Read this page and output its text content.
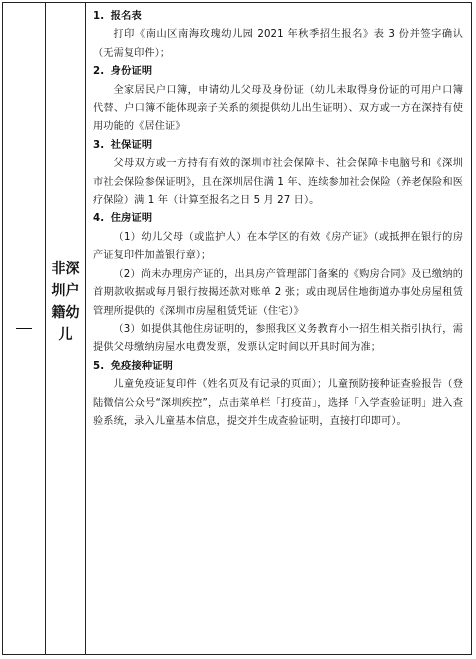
非深圳户籍幼儿
1. 报名表
打印《南山区南海玫瑰幼儿园 2021 年秋季招生报名》表 3 份并签字确认（无需复印件）；
2. 身份证明
全家居民户口簿，申请幼儿父母及身份证（幼儿未取得身份证的可用户口簿代替、户口簿不能体现亲子关系的须提供幼儿出生证明）、双方或一方在深持有使用功能的《居住证》
3. 社保证明
父母双方或一方持有有效的深圳市社会保障卡、社会保障卡电脑号和《深圳市社会保险参保证明》，且在深圳居住满 1 年、连续参加社会保险（养老保险和医疗保险）满 1 年（计算至报名之日 5 月 27 日）。
4. 住房证明
（1）幼儿父母（或监护人）在本学区的有效《房产证》（或抵押在银行的房产证复印件加盖银行章）；
（2）尚未办理房产证的，出具房产管理部门备案的《购房合同》及已缴纳的首期款收据或每月银行按揭还款对账单 2 张；或由现居住地街道办事处房屋租赁管理所提供的《深圳市房屋租赁凭证（住宅）》
（3）如提供其他住房证明的，参照我区义务教育小一招生相关指引执行，需提供父母缴纳房屋水电费发票，发票认定时间以开具时间为准；
5. 免疫接种证明
儿童免疫证复印件（姓名页及有记录的页面）；儿童预防接种证查验报告（登陆微信公众号“深圳疾控”，点击菜单栏「打疫苗」，选择「入学查验证明」进入查验系统，录入儿童基本信息，提交并生成查验证明，直接打印即可）。
